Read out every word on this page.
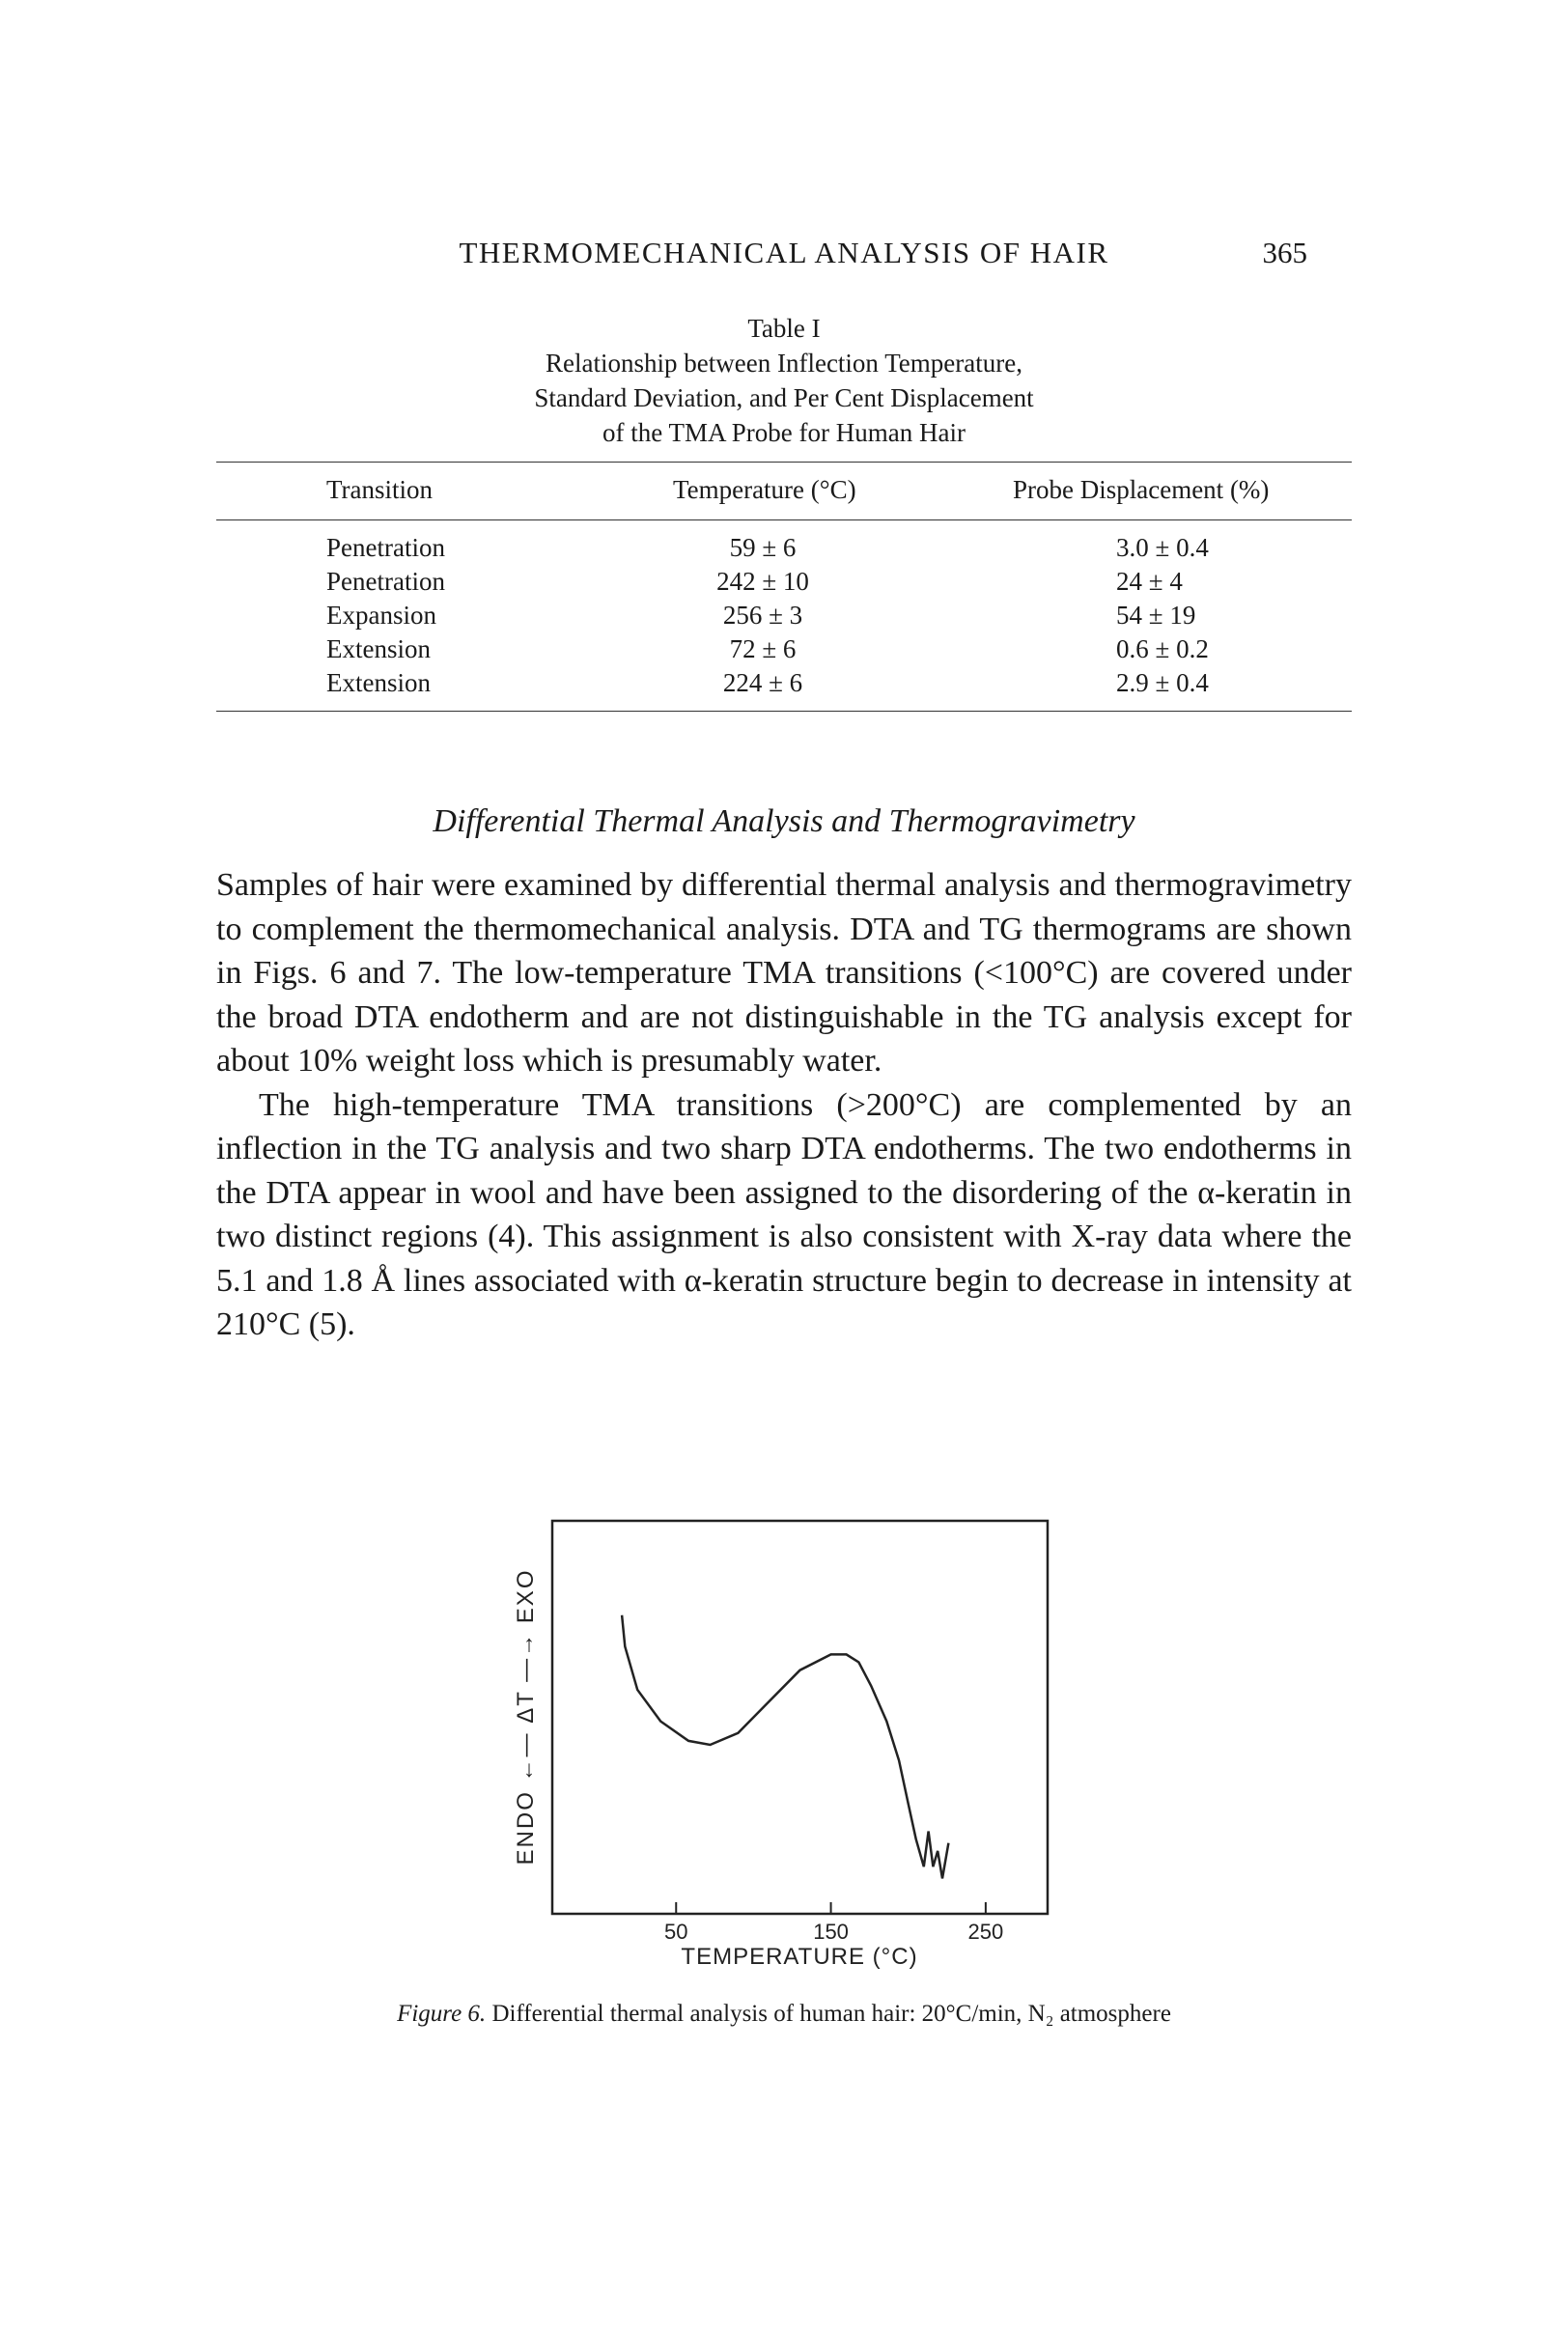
THERMOMECHANICAL ANALYSIS OF HAIR	365
Table I
Relationship between Inflection Temperature,
Standard Deviation, and Per Cent Displacement
of the TMA Probe for Human Hair
Transition	Temperature (°C)	Probe Displacement (%)
Penetration	59 ± 6	3.0 ± 0.4
Penetration	242 ± 10	24 ± 4
Expansion	256 ± 3	54 ± 19
Extension	72 ± 6	0.6 ± 0.2
Extension	224 ± 6	2.9 ± 0.4
Differential Thermal Analysis and Thermogravimetry

Samples of hair were examined by differential thermal analysis and thermogravimetry to complement the thermomechanical analysis. DTA and TG thermograms are shown in Figs. 6 and 7. The low-temperature TMA transitions (<100°C) are covered under the broad DTA endotherm and are not distinguishable in the TG analysis except for about 10% weight loss which is presumably water.

The high-temperature TMA transitions (>200°C) are complemented by an inflection in the TG analysis and two sharp DTA endotherms. The two endotherms in the DTA appear in wool and have been assigned to the disordering of the α-keratin in two distinct regions (4). This assignment is also consistent with X-ray data where the 5.1 and 1.8 Å lines associated with α-keratin structure begin to decrease in intensity at 210°C (5).

ENDO ←— ΔT —→ EXO
50	150	250
TEMPERATURE (°C)
Figure 6. Differential thermal analysis of human hair: 20°C/min, N₂ atmosphere
